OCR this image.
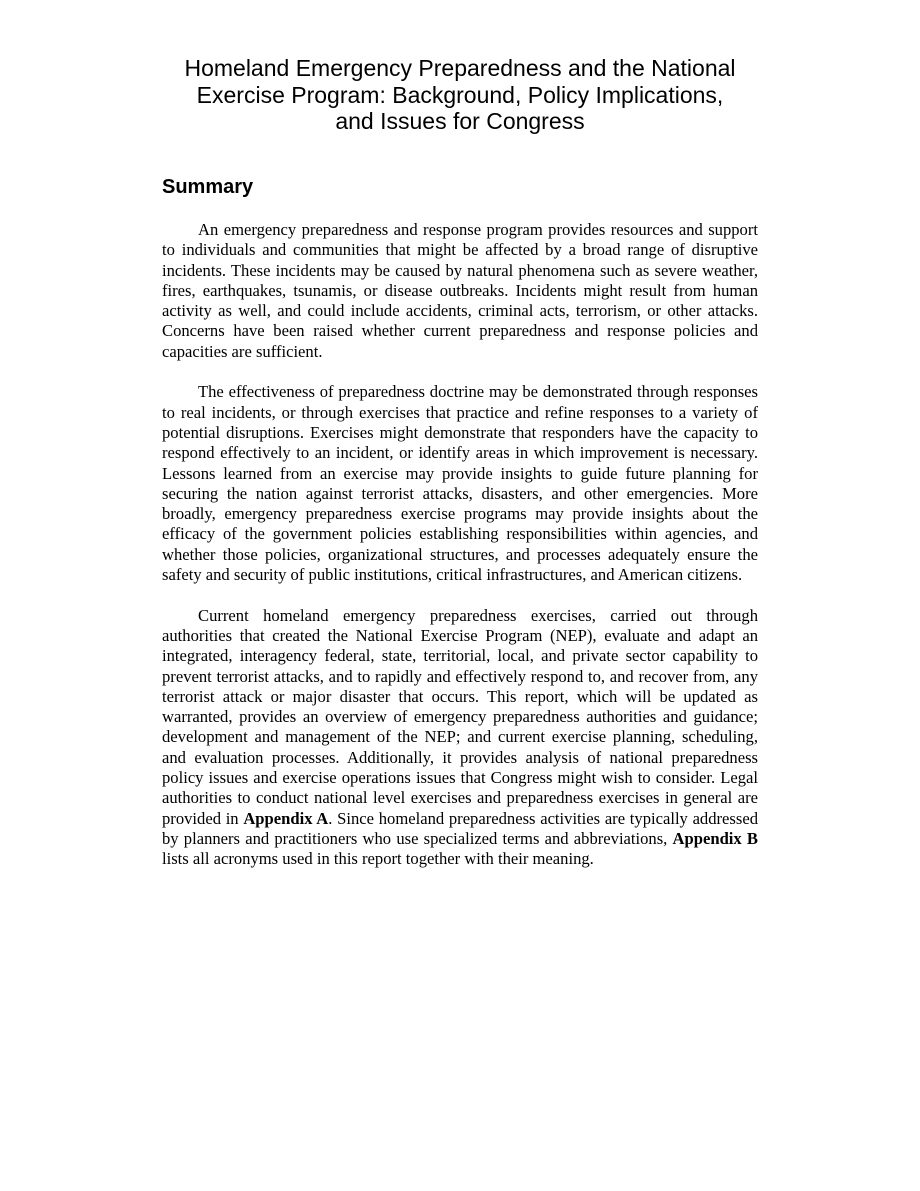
Homeland Emergency Preparedness and the National
Exercise Program: Background, Policy Implications,
and Issues for Congress
Summary

An emergency preparedness and response program provides resources and support to individuals and communities that might be affected by a broad range of disruptive incidents. These incidents may be caused by natural phenomena such as severe weather, fires, earthquakes, tsunamis, or disease outbreaks. Incidents might result from human activity as well, and could include accidents, criminal acts, terrorism, or other attacks. Concerns have been raised whether current preparedness and response policies and capacities are sufficient.

The effectiveness of preparedness doctrine may be demonstrated through responses to real incidents, or through exercises that practice and refine responses to a variety of potential disruptions. Exercises might demonstrate that responders have the capacity to respond effectively to an incident, or identify areas in which improvement is necessary. Lessons learned from an exercise may provide insights to guide future planning for securing the nation against terrorist attacks, disasters, and other emergencies. More broadly, emergency preparedness exercise programs may provide insights about the efficacy of the government policies establishing responsibilities within agencies, and whether those policies, organizational structures, and processes adequately ensure the safety and security of public institutions, critical infrastructures, and American citizens.

Current homeland emergency preparedness exercises, carried out through authorities that created the National Exercise Program (NEP), evaluate and adapt an integrated, interagency federal, state, territorial, local, and private sector capability to prevent terrorist attacks, and to rapidly and effectively respond to, and recover from, any terrorist attack or major disaster that occurs. This report, which will be updated as warranted, provides an overview of emergency preparedness authorities and guidance; development and management of the NEP; and current exercise planning, scheduling, and evaluation processes. Additionally, it provides analysis of national preparedness policy issues and exercise operations issues that Congress might wish to consider. Legal authorities to conduct national level exercises and preparedness exercises in general are provided in Appendix A. Since homeland preparedness activities are typically addressed by planners and practitioners who use specialized terms and abbreviations, Appendix B lists all acronyms used in this report together with their meaning.
